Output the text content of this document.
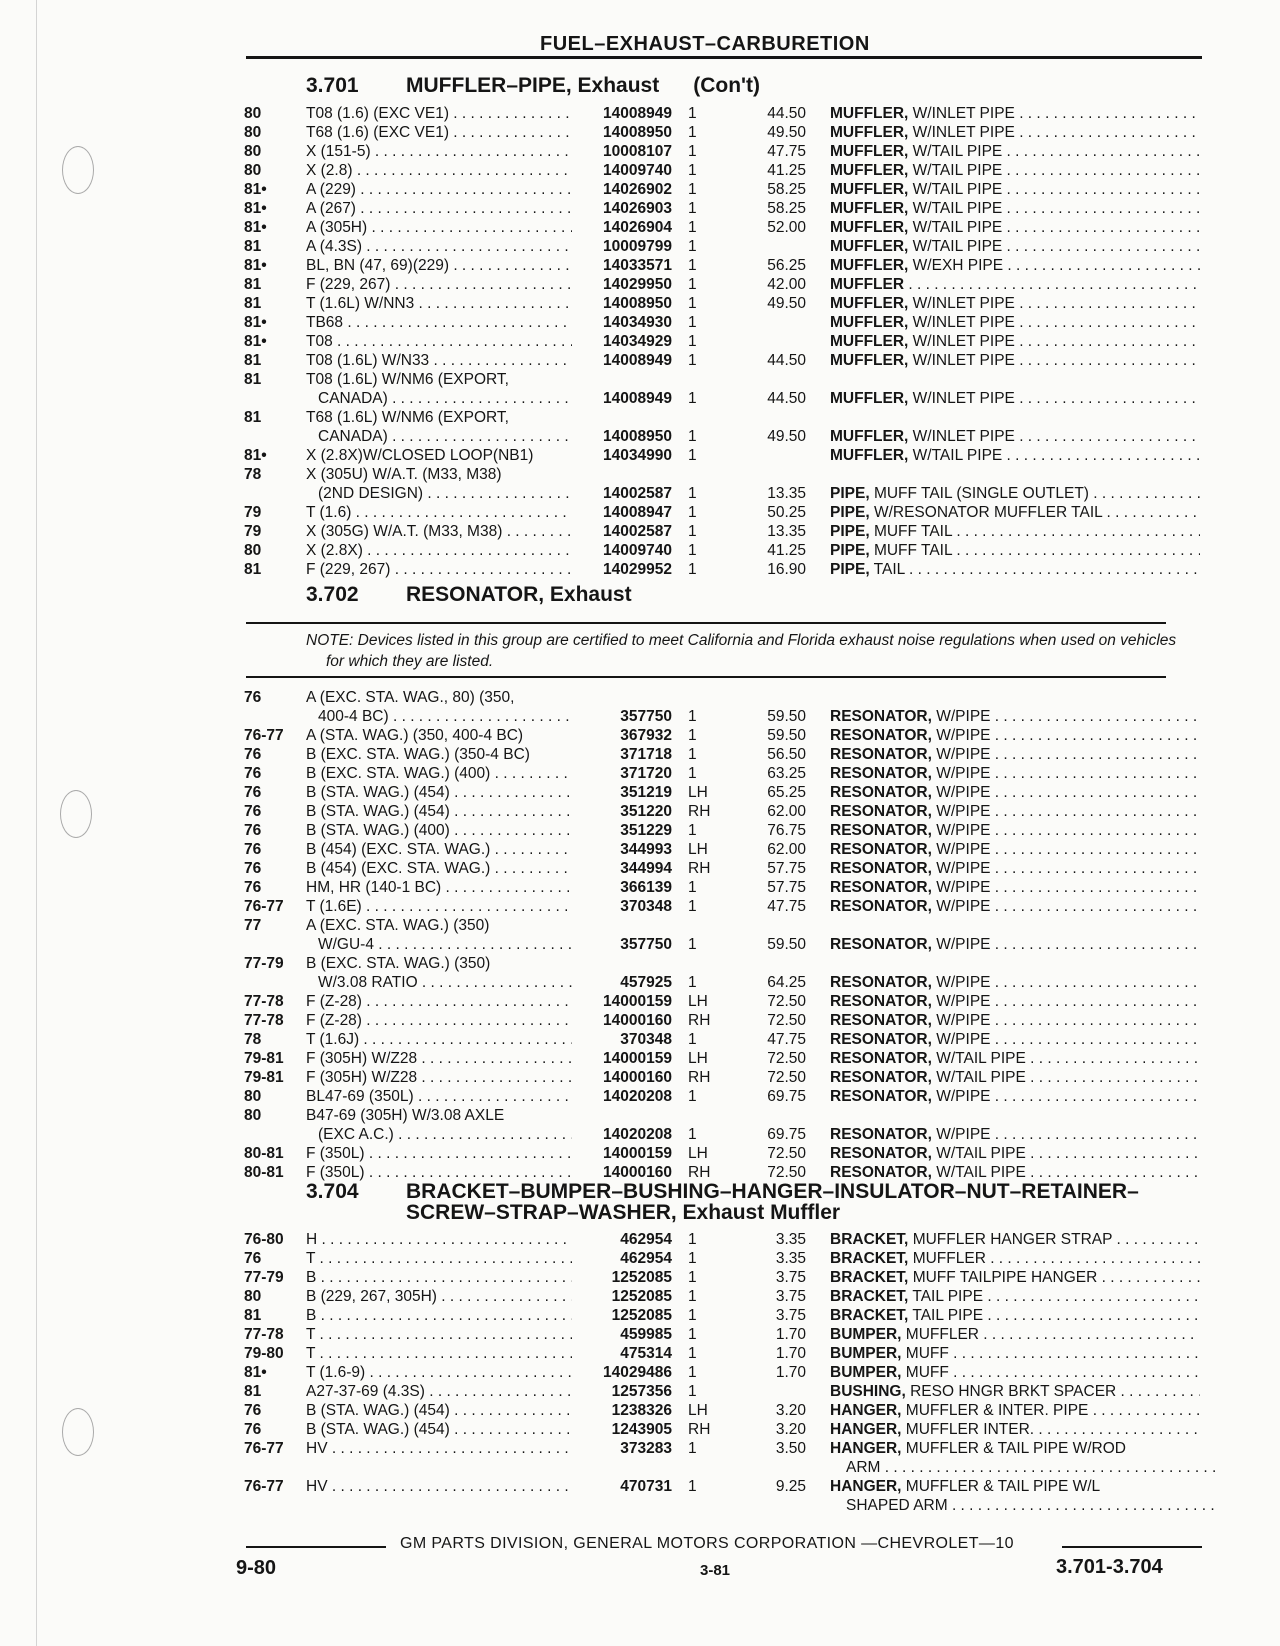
FUEL–EXHAUST–CARBURETION
3.701 MUFFLER–PIPE, Exhaust (Con't)
80	T08 (1.6) (EXC VE1) . . .	14008949 1	44.50 MUFFLER, W/INLET PIPE . . .
80	T68 (1.6) (EXC VE1) . . .	14008950 1	49.50 MUFFLER, W/INLET PIPE . . .
80	X (151-5) . . .	10008107 1	47.75 MUFFLER, W/TAIL PIPE . . .
80	X (2.8) . . .	14009740 1	41.25 MUFFLER, W/TAIL PIPE . . .
81•	A (229) . . .	14026902 1	58.25 MUFFLER, W/TAIL PIPE . . .
81•	A (267) . . .	14026903 1	58.25 MUFFLER, W/TAIL PIPE . . .
81•	A (305H) . . .	14026904 1	52.00 MUFFLER, W/TAIL PIPE . . .
81	A (4.3S) . . .	10009799 1	MUFFLER, W/TAIL PIPE . . .
81•	BL, BN (47, 69)(229) . . .	14033571 1	56.25 MUFFLER, W/EXH PIPE . . .
81	F (229, 267) . . .	14029950 1	42.00 MUFFLER . . .
81	T (1.6L) W/NN3 . . .	14008950 1	49.50 MUFFLER, W/INLET PIPE . . .
81•	TB68 . . .	14034930 1	MUFFLER, W/INLET PIPE . . .
81•	T08 . . .	14034929 1	MUFFLER, W/INLET PIPE . . .
81	T08 (1.6L) W/N33 . . .	14008949 1	44.50 MUFFLER, W/INLET PIPE . . .
81	T08 (1.6L) W/NM6 (EXPORT,
CANADA) . . .	14008949 1	44.50 MUFFLER, W/INLET PIPE . . .
81	T68 (1.6L) W/NM6 (EXPORT,
CANADA) . . .	14008950 1	49.50 MUFFLER, W/INLET PIPE . . .
81•	X (2.8X)W/CLOSED LOOP(NB1)	14034990 1	MUFFLER, W/TAIL PIPE . . .
78	X (305U) W/A.T. (M33, M38)
(2ND DESIGN) . . .	14002587 1	13.35 PIPE, MUFF TAIL (SINGLE OUTLET) . . .
79	T (1.6) . . .	14008947 1	50.25 PIPE, W/RESONATOR MUFFLER TAIL . . .
79	X (305G) W/A.T. (M33, M38) . . .	14002587 1	13.35 PIPE, MUFF TAIL . . .
80	X (2.8X) . . .	14009740 1	41.25 PIPE, MUFF TAIL . . .
81	F (229, 267) . . .	14029952 1	16.90 PIPE, TAIL . . .
3.702 RESONATOR, Exhaust
NOTE: Devices listed in this group are certified to meet California and Florida exhaust noise regulations when used on vehicles for which they are listed.
76	A (EXC. STA. WAG., 80) (350,
400-4 BC) . . .	357750 1	59.50 RESONATOR, W/PIPE . . .
76-77 A (STA. WAG.) (350, 400-4 BC)	367932 1	59.50 RESONATOR, W/PIPE . . .
76	B (EXC. STA. WAG.) (350-4 BC)	371718 1	56.50 RESONATOR, W/PIPE . . .
76	B (EXC. STA. WAG.) (400) . . .	371720 1	63.25 RESONATOR, W/PIPE . . .
76	B (STA. WAG.) (454) . . .	351219 LH	65.25 RESONATOR, W/PIPE . . .
76	B (STA. WAG.) (454) . . .	351220 RH	62.00 RESONATOR, W/PIPE . . .
76	B (STA. WAG.) (400) . . .	351229 1	76.75 RESONATOR, W/PIPE . . .
76	B (454) (EXC. STA. WAG.) . . .	344993 LH	62.00 RESONATOR, W/PIPE . . .
76	B (454) (EXC. STA. WAG.) . . .	344994 RH	57.75 RESONATOR, W/PIPE . . .
76	HM, HR (140-1 BC) . . .	366139 1	57.75 RESONATOR, W/PIPE . . .
76-77 T (1.6E) . . .	370348 1	47.75 RESONATOR, W/PIPE . . .
77	A (EXC. STA. WAG.) (350)
W/GU-4 . . .	357750 1	59.50 RESONATOR, W/PIPE . . .
77-79 B (EXC. STA. WAG.) (350)
W/3.08 RATIO . . .	457925 1	64.25 RESONATOR, W/PIPE . . .
77-78 F (Z-28) . . .	14000159 LH	72.50 RESONATOR, W/PIPE . . .
77-78 F (Z-28) . . .	14000160 RH	72.50 RESONATOR, W/PIPE . . .
78	T (1.6J) . . .	370348 1	47.75 RESONATOR, W/PIPE . . .
79-81 F (305H) W/Z28 . . .	14000159 LH	72.50 RESONATOR, W/TAIL PIPE . . .
79-81 F (305H) W/Z28 . . .	14000160 RH	72.50 RESONATOR, W/TAIL PIPE . . .
80	BL47-69 (350L) . . .	14020208 1	69.75 RESONATOR, W/PIPE . . .
80	B47-69 (305H) W/3.08 AXLE
(EXC A.C.) . . .	14020208 1	69.75 RESONATOR, W/PIPE . . .
80-81 F (350L) . . .	14000159 LH	72.50 RESONATOR, W/TAIL PIPE . . .
80-81 F (350L) . . .	14000160 RH	72.50 RESONATOR, W/TAIL PIPE . . .
3.704 BRACKET–BUMPER–BUSHING–HANGER–INSULATOR–NUT–RETAINER–
SCREW–STRAP–WASHER, Exhaust Muffler
76-80 H . . .	462954 1	3.35 BRACKET, MUFFLER HANGER STRAP . . .
76	T . . .	462954 1	3.35 BRACKET, MUFFLER . . .
77-79 B . . .	1252085 1	3.75 BRACKET, MUFF TAILPIPE HANGER . . .
80	B (229, 267, 305H) . . .	1252085 1	3.75 BRACKET, TAIL PIPE . . .
81	B . . .	1252085 1	3.75 BRACKET, TAIL PIPE . . .
77-78 T . . .	459985 1	1.70 BUMPER, MUFFLER . . .
79-80 T . . .	475314 1	1.70 BUMPER, MUFF . . .
81•	T (1.6-9) . . .	14029486 1	1.70 BUMPER, MUFF . . .
81	A27-37-69 (4.3S) . . .	1257356 1	BUSHING, RESO HNGR BRKT SPACER . . .
76	B (STA. WAG.) (454) . . .	1238326 LH	3.20 HANGER, MUFFLER & INTER. PIPE . . .
76	B (STA. WAG.) (454) . . .	1243905 RH	3.20 HANGER, MUFFLER INTER. . . .
76-77 HV . . .	373283 1	3.50 HANGER, MUFFLER & TAIL PIPE W/ROD
ARM . . .
76-77 HV . . .	470731 1	9.25 HANGER, MUFFLER & TAIL PIPE W/L
SHAPED ARM . . .
GM PARTS DIVISION, GENERAL MOTORS CORPORATION —CHEVROLET—10
9-80	3-81	3.701-3.704
